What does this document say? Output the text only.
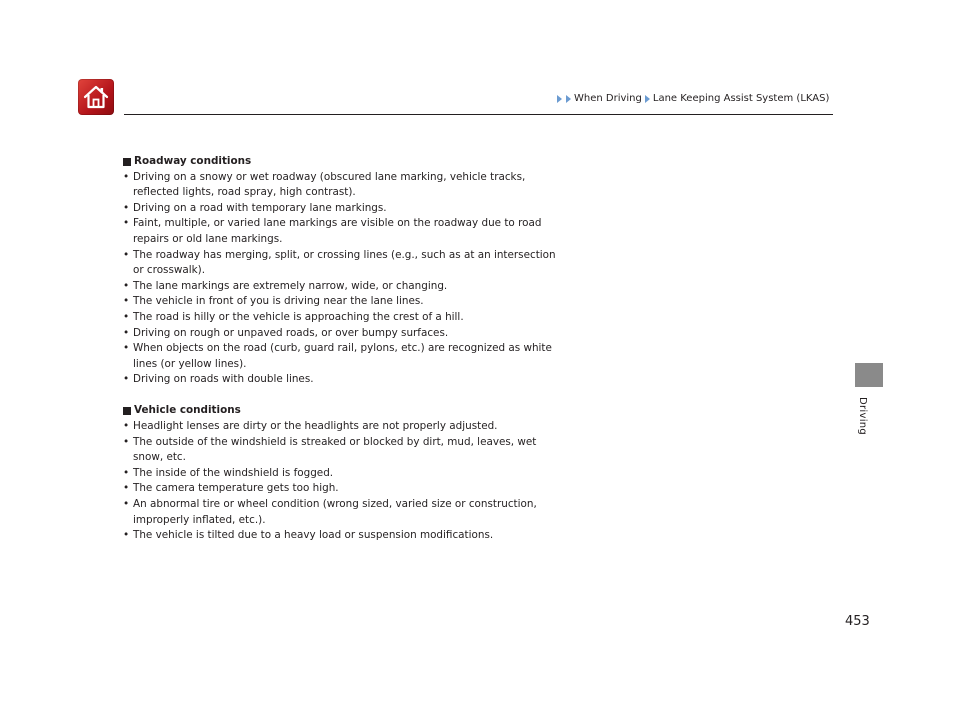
When Driving Lane Keeping Assist System (LKAS)
Driving
Roadway conditions
• Driving on a snowy or wet roadway (obscured lane marking, vehicle tracks,
reflected lights, road spray, high contrast).
• Driving on a road with temporary lane markings.
• Faint, multiple, or varied lane markings are visible on the roadway due to road
repairs or old lane markings.
• The roadway has merging, split, or crossing lines (e.g., such as at an intersection
or crosswalk).
• The lane markings are extremely narrow, wide, or changing.
• The vehicle in front of you is driving near the lane lines.
• The road is hilly or the vehicle is approaching the crest of a hill.
• Driving on rough or unpaved roads, or over bumpy surfaces.
• When objects on the road (curb, guard rail, pylons, etc.) are recognized as white
lines (or yellow lines).
• Driving on roads with double lines.
Vehicle conditions
• Headlight lenses are dirty or the headlights are not properly adjusted.
• The outside of the windshield is streaked or blocked by dirt, mud, leaves, wet
snow, etc.
• The inside of the windshield is fogged.
• The camera temperature gets too high.
• An abnormal tire or wheel condition (wrong sized, varied size or construction,
improperly inflated, etc.).
• The vehicle is tilted due to a heavy load or suspension modifications.
453
